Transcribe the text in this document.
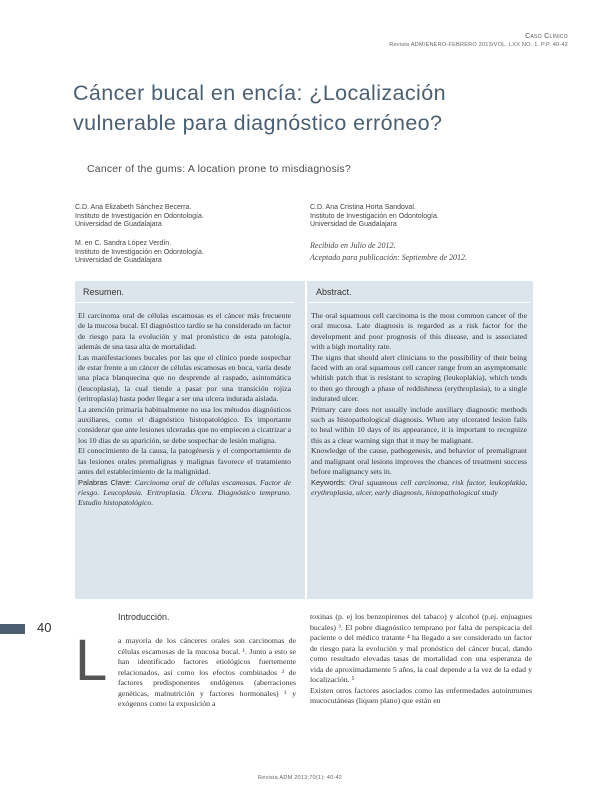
Caso Clínico
Revista ADM/ENERO-FEBRERO 2013/VOL. LXX NO. 1. P.P. 40-42
Cáncer bucal en encía: ¿Localización vulnerable para diagnóstico erróneo?
Cancer of the gums: A location prone to misdiagnosis?
C.D. Ana Elizabeth Sánchez Becerra.
Instituto de Investigación en Odontología.
Universidad de Guadalajara
C.D. Ana Cristina Horta Sandoval.
Instituto de Investigación en Odontología.
Universidad de Guadalajara
M. en C. Sandra López Verdín.
Instituto de Investigación en Odontología.
Universidad de Guadalajara
Recibido en Julio de 2012.
Aceptado para publicación: Septiembre de 2012.
Resumen.

El carcinoma oral de células escamosas es el cáncer más frecuente de la mucosa bucal. El diagnóstico tardío se ha considerado un factor de riesgo para la evolución y mal pronóstico de esta patología, además de una tasa alta de mortalidad.

Las manifestaciones bucales por las que el clínico puede sospechar de estar frente a un cáncer de células escamosas en boca, varía desde una placa blanquecina que no desprende al raspado, asintomática (leucoplasia), la cual tiende a pasar por una transición rojiza (eritroplasia) hasta poder llegar a ser una ulcera indurada aislada.

La atención primaria habitualmente no usa los métodos diagnósticos auxiliares, como el diagnóstico histopatológico. Es importante considerar que ante lesiones ulceradas que no empiecen a cicatrizar a los 10 días de su aparición, se debe sospechar de lesión maligna.

El conocimiento de la causa, la patogénesis y el comportamiento de las lesiones orales premalignas y malignas favorece el tratamiento antes del establecimiento de la malignidad.

Palabras Clave: Carcinoma oral de células escamosas. Factor de riesgo. Leucoplasia. Eritroplasia. Úlcera. Diagnóstico temprano. Estudio histopatológico.

Abstract.

The oral squamous cell carcinoma is the most common cancer of the oral mucosa. Late diagnosis is regarded as a risk factor for the development and poor prognosis of this disease, and is associated with a high mortality rate.

The signs that should alert clinicians to the possibility of their being faced with an oral squamous cell cancer range from an asymptomatic whitish patch that is resistant to scraping (leukoplakia), which tends to then go through a phase of reddishness (erythroplasia), to a single indurated ulcer.

Primary care does not usually include auxiliary diagnostic methods such as histopathological diagnosis. When any ulcerated lesion fails to heal within 10 days of its appearance, it is important to recognize this as a clear warning sign that it may be malignant.

Knowledge of the cause, pathogenesis, and behavior of premalignant and malignant oral lesions improves the chances of treatment success before malignancy sets in.

Keywords: Oral squamous cell carcinoma, risk factor, leukoplakia, erythroplasia, ulcer, early diagnosis, histopathological study

40
Introducción.
L a mayoría de los cánceres orales son carcinomas de células escamosas de la mucosa bucal. ¹. Junto a esto se han identificado factores etiológicos fuertemente relacionados, así como los efectos combinados ² de factores predisponentes endógenos (aberraciones genéticas, malnutrición y factores hormonales) ³ y exógenos como la exposición a

toxinas (p. ej los benzopirenos del tabaco) y alcohol (p.ej. enjuagues bucales) ³. El pobre diagnóstico temprano por falta de perspicacia del paciente o del médico tratante ⁴ ha llegado a ser considerado un factor de riesgo para la evolución y mal pronóstico del cáncer bucal, dando como resultado elevadas tasas de mortalidad con una esperanza de vida de aproximadamente 5 años, la cual depende a la vez de la edad y localización. ⁵

Existen otros factores asociados como las enfermedades autoinmunes mucocutáneas (liquen plano) que están en

Revista ADM 2013;70(1): 40-42
